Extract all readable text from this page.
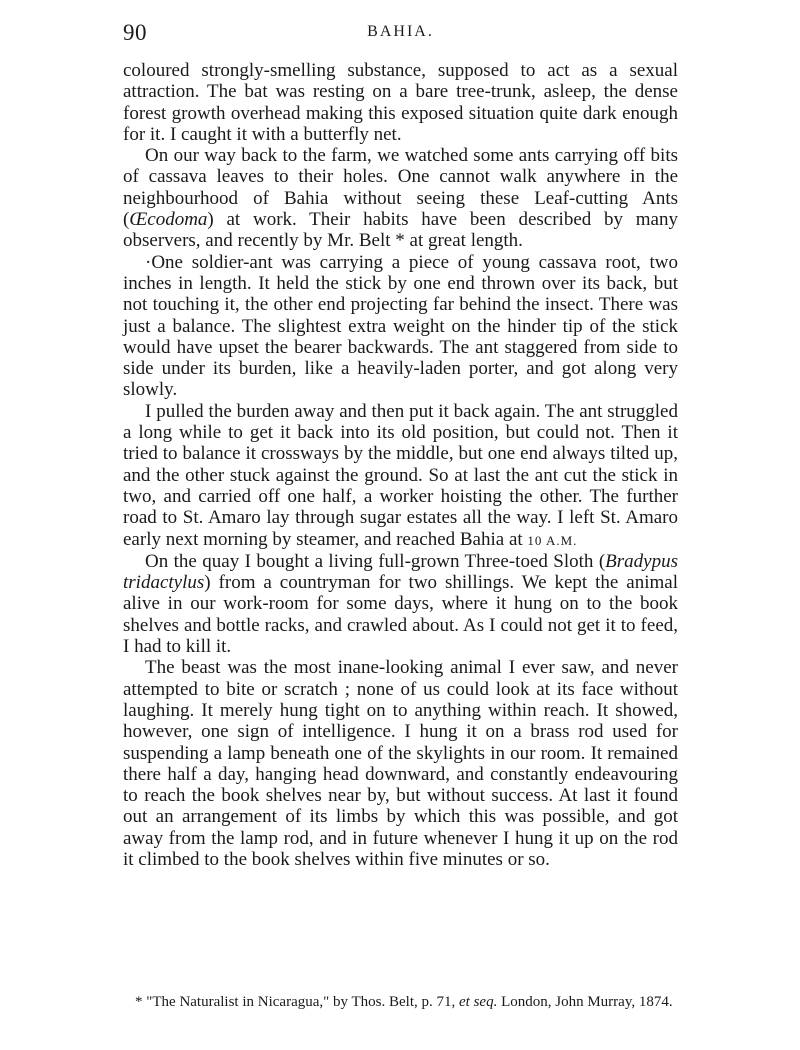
90	BAHIA.

coloured strongly-smelling substance, supposed to act as a sexual attraction. The bat was resting on a bare tree-trunk, asleep, the dense forest growth overhead making this exposed situation quite dark enough for it. I caught it with a butterfly net.

On our way back to the farm, we watched some ants carrying off bits of cassava leaves to their holes. One cannot walk anywhere in the neighbourhood of Bahia without seeing these Leaf-cutting Ants (Œcodoma) at work. Their habits have been described by many observers, and recently by Mr. Belt * at great length.

·One soldier-ant was carrying a piece of young cassava root, two inches in length. It held the stick by one end thrown over its back, but not touching it, the other end projecting far behind the insect. There was just a balance. The slightest extra weight on the hinder tip of the stick would have upset the bearer backwards. The ant staggered from side to side under its burden, like a heavily-laden porter, and got along very slowly.

I pulled the burden away and then put it back again. The ant struggled a long while to get it back into its old position, but could not. Then it tried to balance it crossways by the middle, but one end always tilted up, and the other stuck against the ground. So at last the ant cut the stick in two, and carried off one half, a worker hoisting the other. The further road to St. Amaro lay through sugar estates all the way. I left St. Amaro early next morning by steamer, and reached Bahia at 10 A.M.

On the quay I bought a living full-grown Three-toed Sloth (Bradypus tridactylus) from a countryman for two shillings. We kept the animal alive in our work-room for some days, where it hung on to the book shelves and bottle racks, and crawled about. As I could not get it to feed, I had to kill it.

The beast was the most inane-looking animal I ever saw, and never attempted to bite or scratch ; none of us could look at its face without laughing. It merely hung tight on to anything within reach. It showed, however, one sign of intelligence. I hung it on a brass rod used for suspending a lamp beneath one of the skylights in our room. It remained there half a day, hanging head downward, and constantly endeavouring to reach the book shelves near by, but without success. At last it found out an arrangement of its limbs by which this was possible, and got away from the lamp rod, and in future whenever I hung it up on the rod it climbed to the book shelves within five minutes or so.

* "The Naturalist in Nicaragua," by Thos. Belt, p. 71, et seq. London, John Murray, 1874.
